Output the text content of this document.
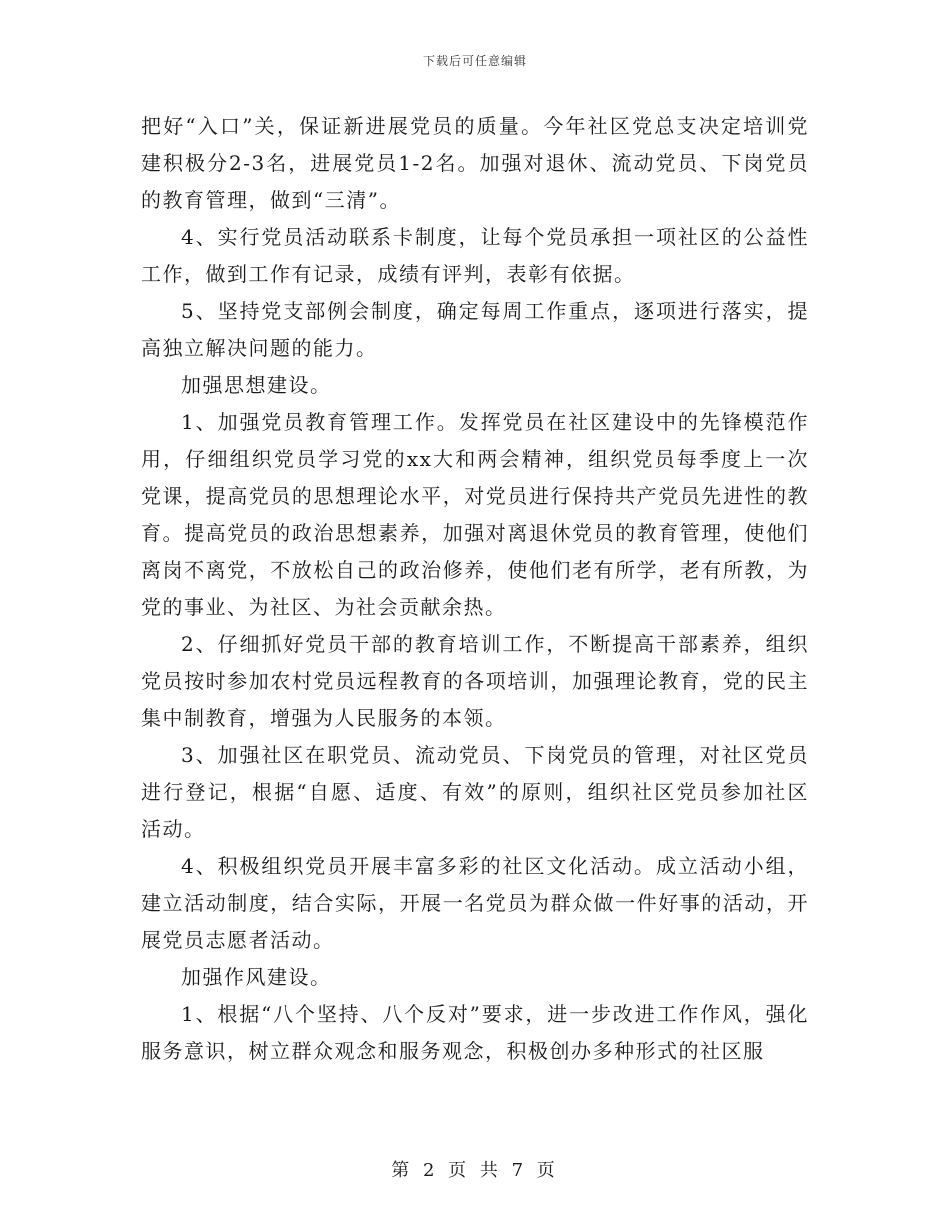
下载后可任意编辑

把好“入口”关，保证新进展党员的质量。今年社区党总支决定培训党建积极分2-3名，进展党员1-2名。加强对退休、流动党员、下岗党员的教育管理，做到“三清”。

4、实行党员活动联系卡制度，让每个党员承担一项社区的公益性工作，做到工作有记录，成绩有评判，表彰有依据。

5、坚持党支部例会制度，确定每周工作重点，逐项进行落实，提高独立解决问题的能力。

加强思想建设。

1、加强党员教育管理工作。发挥党员在社区建设中的先锋模范作用，仔细组织党员学习党的xx大和两会精神，组织党员每季度上一次党课，提高党员的思想理论水平，对党员进行保持共产党员先进性的教育。提高党员的政治思想素养，加强对离退休党员的教育管理，使他们离岗不离党，不放松自己的政治修养，使他们老有所学，老有所教，为党的事业、为社区、为社会贡献余热。

2、仔细抓好党员干部的教育培训工作，不断提高干部素养，组织党员按时参加农村党员远程教育的各项培训，加强理论教育，党的民主集中制教育，增强为人民服务的本领。

3、加强社区在职党员、流动党员、下岗党员的管理，对社区党员进行登记，根据“自愿、适度、有效”的原则，组织社区党员参加社区活动。

4、积极组织党员开展丰富多彩的社区文化活动。成立活动小组，建立活动制度，结合实际，开展一名党员为群众做一件好事的活动，开展党员志愿者活动。

加强作风建设。

1、根据“八个坚持、八个反对”要求，进一步改进工作作风，强化服务意识，树立群众观念和服务观念，积极创办多种形式的社区服

第 2 页 共 7 页
